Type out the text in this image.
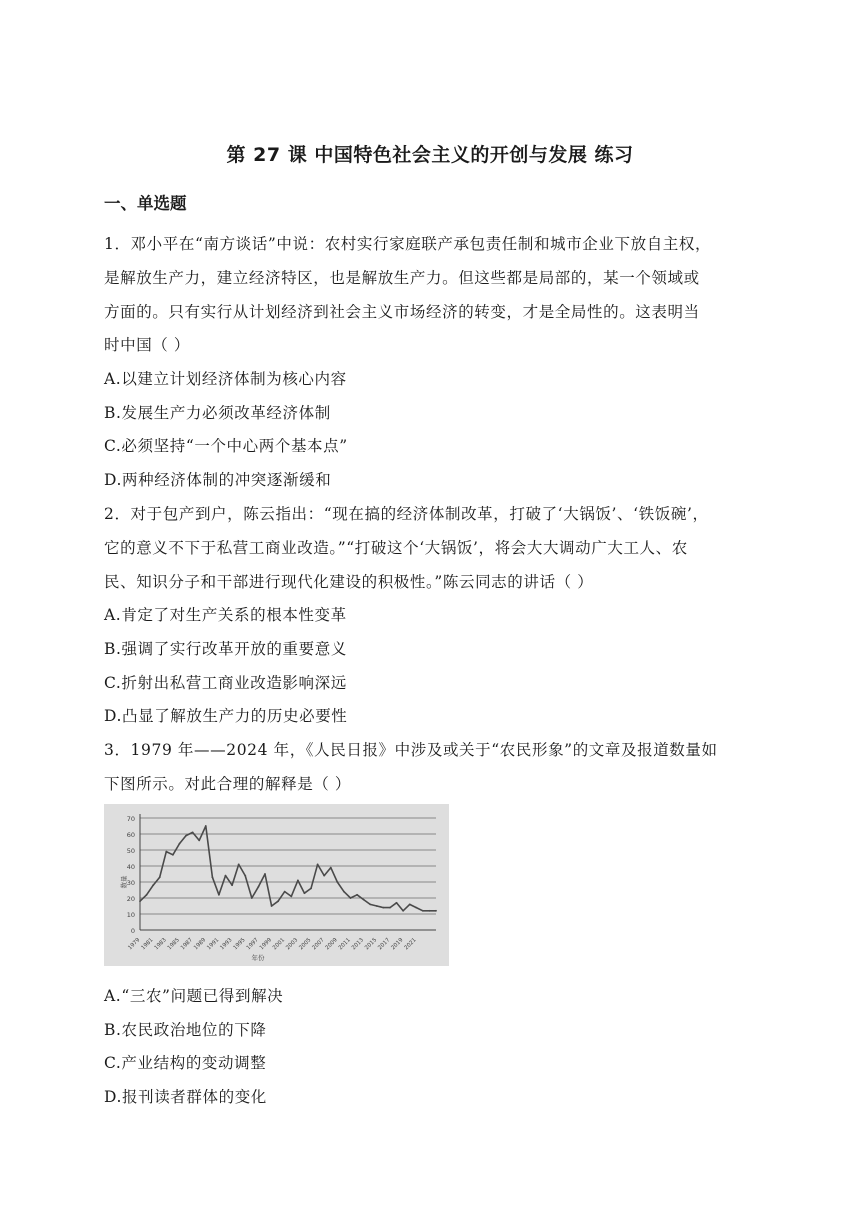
第 27 课 中国特色社会主义的开创与发展 练习
一、单选题
1．邓小平在“南方谈话”中说：农村实行家庭联产承包责任制和城市企业下放自主权，
是解放生产力，建立经济特区，也是解放生产力。但这些都是局部的，某一个领域或
方面的。只有实行从计划经济到社会主义市场经济的转变，才是全局性的。这表明当
时中国（ ）
A.以建立计划经济体制为核心内容
B.发展生产力必须改革经济体制
C.必须坚持“一个中心两个基本点”
D.两种经济体制的冲突逐渐缓和
2．对于包产到户，陈云指出：“现在搞的经济体制改革，打破了‘大锅饭’、‘铁饭碗’，
它的意义不下于私营工商业改造。”“打破这个‘大锅饭’，将会大大调动广大工人、农
民、知识分子和干部进行现代化建设的积极性。”陈云同志的讲话（ ）
A.肯定了对生产关系的根本性变革
B.强调了实行改革开放的重要意义
C.折射出私营工商业改造影响深远
D.凸显了解放生产力的历史必要性
3．1979 年——2024 年，《人民日报》中涉及或关于“农民形象”的文章及报道数量如
下图所示。对此合理的解释是（ ）
0
10
20
30
40
50
60
70
数量
1979 1981 1983 1985 1987 1989 1991 1993 1995 1997 1999 2001 2003 2005 2007 2009 2011 2013 2015 2017 2019 2021
年份
A.“三农”问题已得到解决
B.农民政治地位的下降
C.产业结构的变动调整
D.报刊读者群体的变化
